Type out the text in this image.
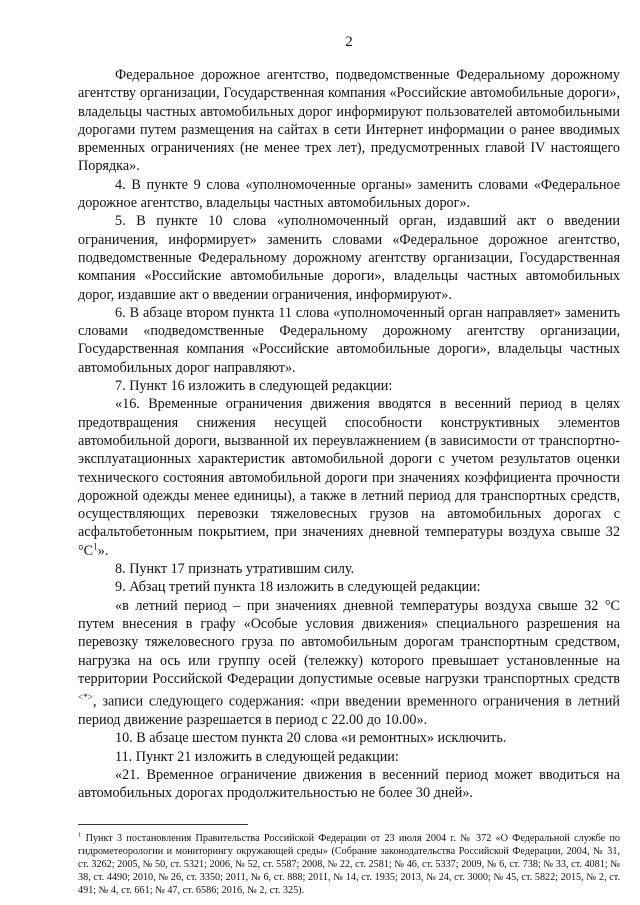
2

Федеральное дорожное агентство, подведомственные Федеральному дорожному агентству организации, Государственная компания «Российские автомобильные дороги», владельцы частных автомобильных дорог информируют пользователей автомобильными дорогами путем размещения на сайтах в сети Интернет информации о ранее вводимых временных ограничениях (не менее трех лет), предусмотренных главой IV настоящего Порядка».

4. В пункте 9 слова «уполномоченные органы» заменить словами «Федеральное дорожное агентство, владельцы частных автомобильных дорог».

5. В пункте 10 слова «уполномоченный орган, издавший акт о введении ограничения, информирует» заменить словами «Федеральное дорожное агентство, подведомственные Федеральному дорожному агентству организации, Государственная компания «Российские автомобильные дороги», владельцы частных автомобильных дорог, издавшие акт о введении ограничения, информируют».

6. В абзаце втором пункта 11 слова «уполномоченный орган направляет» заменить словами «подведомственные Федеральному дорожному агентству организации, Государственная компания «Российские автомобильные дороги», владельцы частных автомобильных дорог направляют».

7. Пункт 16 изложить в следующей редакции:

«16. Временные ограничения движения вводятся в весенний период в целях предотвращения снижения несущей способности конструктивных элементов автомобильной дороги, вызванной их переувлажнением (в зависимости от транспортно-эксплуатационных характеристик автомобильной дороги с учетом результатов оценки технического состояния автомобильной дороги при значениях коэффициента прочности дорожной одежды менее единицы), а также в летний период для транспортных средств, осуществляющих перевозки тяжеловесных грузов на автомобильных дорогах с асфальтобетонным покрытием, при значениях дневной температуры воздуха свыше 32 $^\circ С^1$».

8. Пункт 17 признать утратившим силу.

9. Абзац третий пункта 18 изложить в следующей редакции:

«в летний период – при значениях дневной температуры воздуха свыше 32 °С путем внесения в графу «Особые условия движения» специального разрешения на перевозку тяжеловесного груза по автомобильным дорогам транспортным средством, нагрузка на ось или группу осей (тележку) которого превышает установленные на территории Российской Федерации допустимые осевые нагрузки транспортных средств <*>, записи следующего содержания: «при введении временного ограничения в летний период движение разрешается в период с 22.00 до 10.00».

10. В абзаце шестом пункта 20 слова «и ремонтных» исключить.

11. Пункт 21 изложить в следующей редакции:

«21. Временное ограничение движения в весенний период может вводиться на автомобильных дорогах продолжительностью не более 30 дней».

$^1$ Пункт 3 постановления Правительства Российской Федерации от 23 июля 2004 г. № 372 «О Федеральной службе по гидрометеорологии и мониторингу окружающей среды» (Собрание законодательства Российской Федерации, 2004, № 31, ст. 3262; 2005, № 50, ст. 5321; 2006, № 52, ст. 5587; 2008, № 22, ст. 2581; № 46, ст. 5337; 2009, № 6, ст. 738; № 33, ст. 4081; № 38, ст. 4490; 2010, № 26, ст. 3350; 2011, № 6, ст. 888; 2011, № 14, ст. 1935; 2013, № 24, ст. 3000; № 45, ст. 5822; 2015, № 2, ст. 491; № 4, ст. 661; № 47, ст. 6586; 2016, № 2, ст. 325).
